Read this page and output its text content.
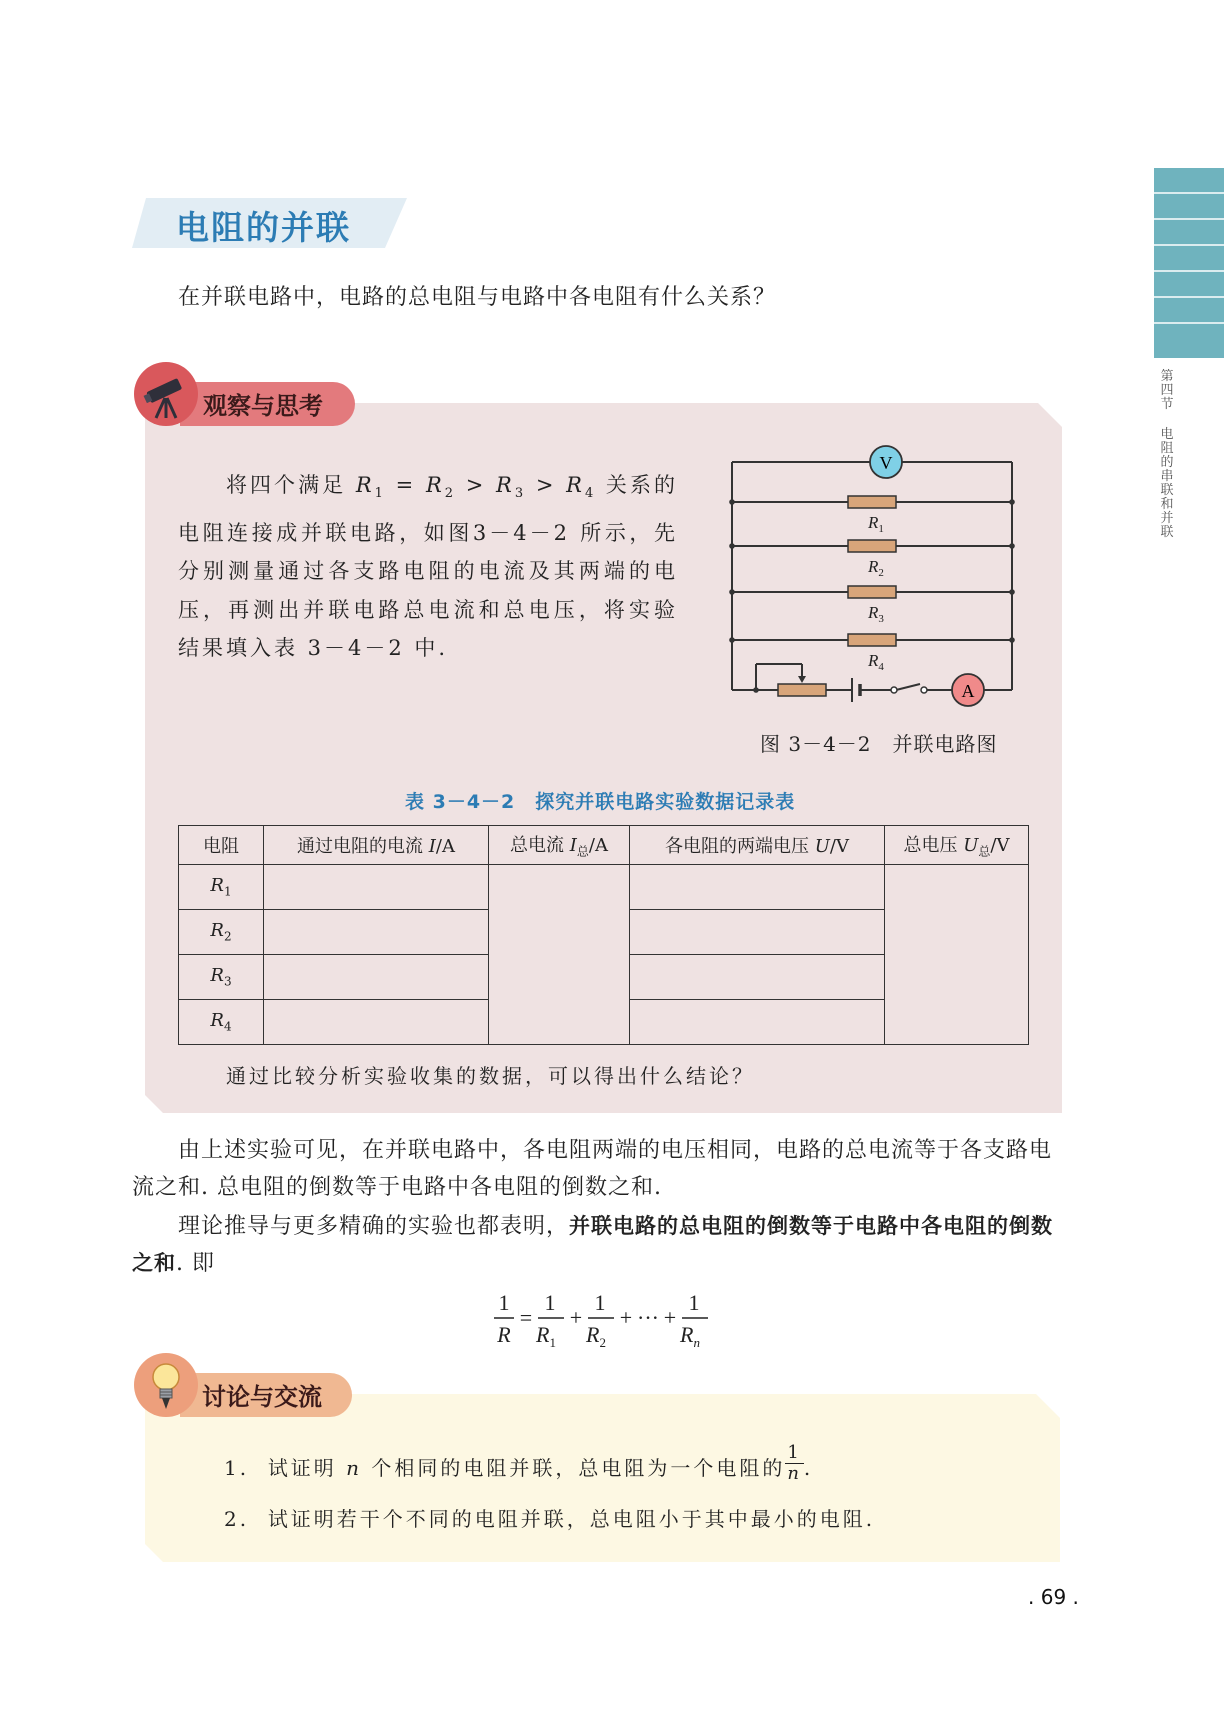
第四节
电阻的串联和并联
电阻的并联
在并联电路中，电路的总电阻与电路中各电阻有什么关系？
观察与思考
将四个满足 $R_1 = R_2 > R_3 > R_4$ 关系的电阻连接成并联电路，如图3－4－2 所示，先分别测量通过各支路电阻的电流及其两端的电压，再测出并联电路总电流和总电压，将实验结果填入表 3－4－2 中.
V
A
$R_1$
$R_2$
$R_3$
$R_4$
图 3－4－2　并联电路图
表 3－4－2　探究并联电路实验数据记录表
电阻	通过电阻的电流 I/A	总电流 $I_总/A$	各电阻的两端电压 U/V	总电压 $U_总/V$
$R_1$				
$R_2$		
$R_3$		
$R_4$		
通过比较分析实验收集的数据，可以得出什么结论？
由上述实验可见，在并联电路中，各电阻两端的电压相同，电路的总电流等于各支路电流之和. 总电阻的倒数等于电路中各电阻的倒数之和.
理论推导与更多精确的实验也都表明，并联电路的总电阻的倒数等于电路中各电阻的倒数之和. 即
1
R
=
1
$R_1$
+
1
$R_2$
+ ··· +
1
$R_n$
讨论与交流
1. 试证明 n 个相同的电阻并联，总电阻为一个电阻的 $\frac{1}{n}$ .
2. 试证明若干个不同的电阻并联，总电阻小于其中最小的电阻.
. 69 .
